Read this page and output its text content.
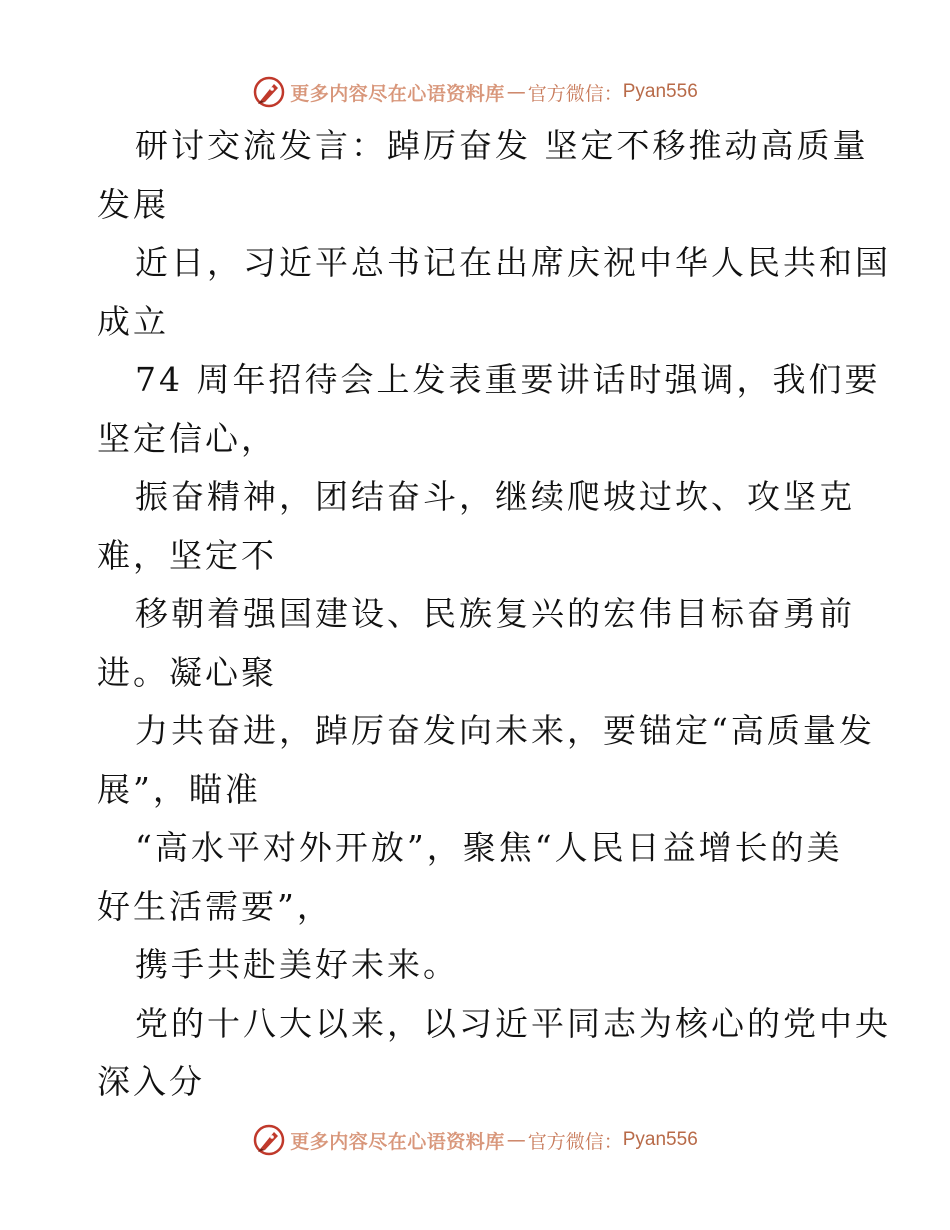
更多内容尽在心语资料库 — 官方微信： Pyan556

研讨交流发言：踔厉奋发 坚定不移推动高质量
发展

近日，习近平总书记在出席庆祝中华人民共和国
成立

74 周年招待会上发表重要讲话时强调，我们要
坚定信心，

振奋精神，团结奋斗，继续爬坡过坎、攻坚克
难，坚定不

移朝着强国建设、民族复兴的宏伟目标奋勇前
进。凝心聚

力共奋进，踔厉奋发向未来，要锚定“高质量发
展”，瞄准

“高水平对外开放”，聚焦“人民日益增长的美
好生活需要”，

携手共赴美好未来。

党的十八大以来，以习近平同志为核心的党中央
深入分

更多内容尽在心语资料库 — 官方微信： Pyan556
